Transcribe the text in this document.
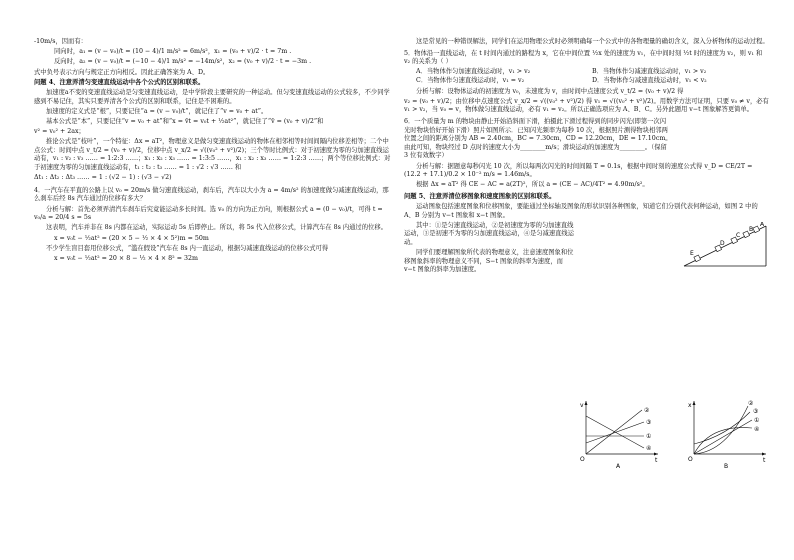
-10m/s，因而有：
同向时，a₁ = (v − v₀)/t = (10 − 4)/1 m/s² = 6m/s²，x₁ = (v₀ + v)/2 · t = 7m .
反向时，a₂ = (v − v₀)/t = (−10 − 4)/1 m/s² = −14m/s²，x₂ = (v₀ + v)/2 · t = −3m .
式中负号表示方向与规定正方向相反。因此正确答案为 A、D。
问题 4、注意弄清匀变速直线运动中各个公式的区别和联系。
加速度a不变的变速直线运动是匀变速直线运动，是中学阶段主要研究的一种运动。但匀变速直线运动的公式较多，不少同学感到不易记住，其实只要弄清各个公式的区别和联系，记住是不困难的。
加速度的定义式是“根”，只要记住“a = (v − v₀)/t”，就记住了“v = v₀ + at”。
基本公式是“本”，只要记住“v = v₀ + at”和“x = v̄t = v₀t + ½at²”，就记住了“v̄ = (v₀ + v)/2”和
v² = v₀² + 2ax；
推论公式是“枝叶”，一个特征：Δx = aT²，物理意义是做匀变速直线运动的物体在相邻相等时间间隔内位移差相等；二个中点公式：时间中点 v_t/2 = (v₀ + v)/2，位移中点 v_x/2 = √((v₀² + v²)/2)；三个等时比例式：对于初速度为零的匀加速直线运动有，v₁ : v₂ : v₃ …… = 1:2:3 ……；x₁ : x₂ : x₃ …… = 1:3:5 ……，x₁ : x₂ : x₃ …… = 1:2:3 ……；两个等位移比例式：对于初速度为零的匀加速直线运动有，t₁ : t₂ : t₃ …… = 1 : √2 : √3 …… 和
Δt₁ : Δt₂ : Δt₃ …… = 1 : (√2 − 1) : (√3 − √2)
4．一汽车在平直的公路上以 v₀ = 20m/s 做匀速直线运动，刹车后，汽车以大小为 a = 4m/s² 的加速度做匀减速直线运动，那么刹车后经 8s 汽车通过的位移有多大？
分析与解：首先必须弄清汽车刹车后究竟能运动多长时间。选 v₀ 的方向为正方向，则根据公式 a = (0 − v₀)/t，可得 t = v₀/a = 20/4 s = 5s
这表明，汽车并非在 8s 内都在运动，实际运动 5s 后即停止。所以，将 5s 代入位移公式，计算汽车在 8s 内通过的位移。
x = v₀t − ½at² = (20 × 5 − ½ × 4 × 5²)m = 50m
不少学生盲目套用位移公式，“滥在假设”汽车在 8s 内一直运动，根据匀减速直线运动的位移公式可得
x = v₀t − ½at² = 20 × 8 − ½ × 4 × 8² = 32m
这是常见的一种错误解法，同学们在运用物理公式时必须明确每一个公式中的各物理量的确切含义，深入分析物体的运动过程。
5．物体沿一直线运动，在 t 时间内通过的路程为 x，它在中间位置 ½x 处的速度为 v₁，在中间时刻 ½t 时的速度为 v₂，则 v₁ 和 v₂ 的关系为（ ）
A．当物体作匀加速直线运动时，v₁ > v₂	B．当物体作匀减速直线运动时，v₁ > v₂
C．当物体作匀速直线运动时，v₁ = v₂	D．当物体作匀减速直线运动时，v₁ < v₂
分析与解：设物体运动的初速度为 v₀，未速度为 v，由时间中点速度公式 v_t/2 = (v₀ + v)/2 得
v₂ = (v₀ + v)/2；由位移中点速度公式 v_x/2 = √((v₀² + v²)/2) 得 v₁ = √((v₀² + v²)/2)。用数学方法可证明，只要 v₀ ≠ v，必有 v₁ > v₂，当 v₀ = v，物体做匀速直线运动，必有 v₁ = v₂。所以正确选项应为 A、B、C。另外此题用 v−t 图象解答更简单。
6．一个质量为 m 的物块由静止开始沿斜面下滑，拍摄此下滑过程得到的同步闪光(即第一次闪光时物块恰好开始下滑）照片如图所示．已知闪光频率为每秒 10 次，根据照片测得物块相邻两位置之间的距离分别为 AB = 2.40cm，BC = 7.30cm，CD = 12.20cm，DE = 17.10cm。由此可知，物块经过 D 点时的速度大小为________m/s；滑块运动的加速度为________。（保留 3 位有效数字）
分析与解：据题意每秒闪光 10 次，所以每两次闪光的时间间隔 T = 0.1s，根据中间时刻的速度公式得 v_D = CE/2T = (12.2 + 17.1)/0.2 × 10⁻² m/s = 1.46m/s。
根据 Δx = aT² 得 CE − AC = a(2T)²，所以 a = (CE − AC)/4T² = 4.90m/s²。
问题 5、注意弄清位移图象和速度图象的区别和联系。
运动图象包括速度图象和位移图象，要能通过坐标轴及图象的形状识别各种图象，知道它们分别代表何种运动，如图 2 中的 A、B 分别为 v−t 图象和 x−t 图象。
其中：①是匀速直线运动，②是初速度为零的匀加速直线运动，③是初速不为零的匀加速直线运动，④是匀减速直线运动。
同学们要理解图象所代表的物理意义，注意速度图象和位移图象斜率的物理意义不同，S−t 图象的斜率为速度，而 v−t 图象的斜率为加速度。
A
B
C
D
E
v
t
O
①
②
③
④
A
x
t
O
①
②
③
④
B
